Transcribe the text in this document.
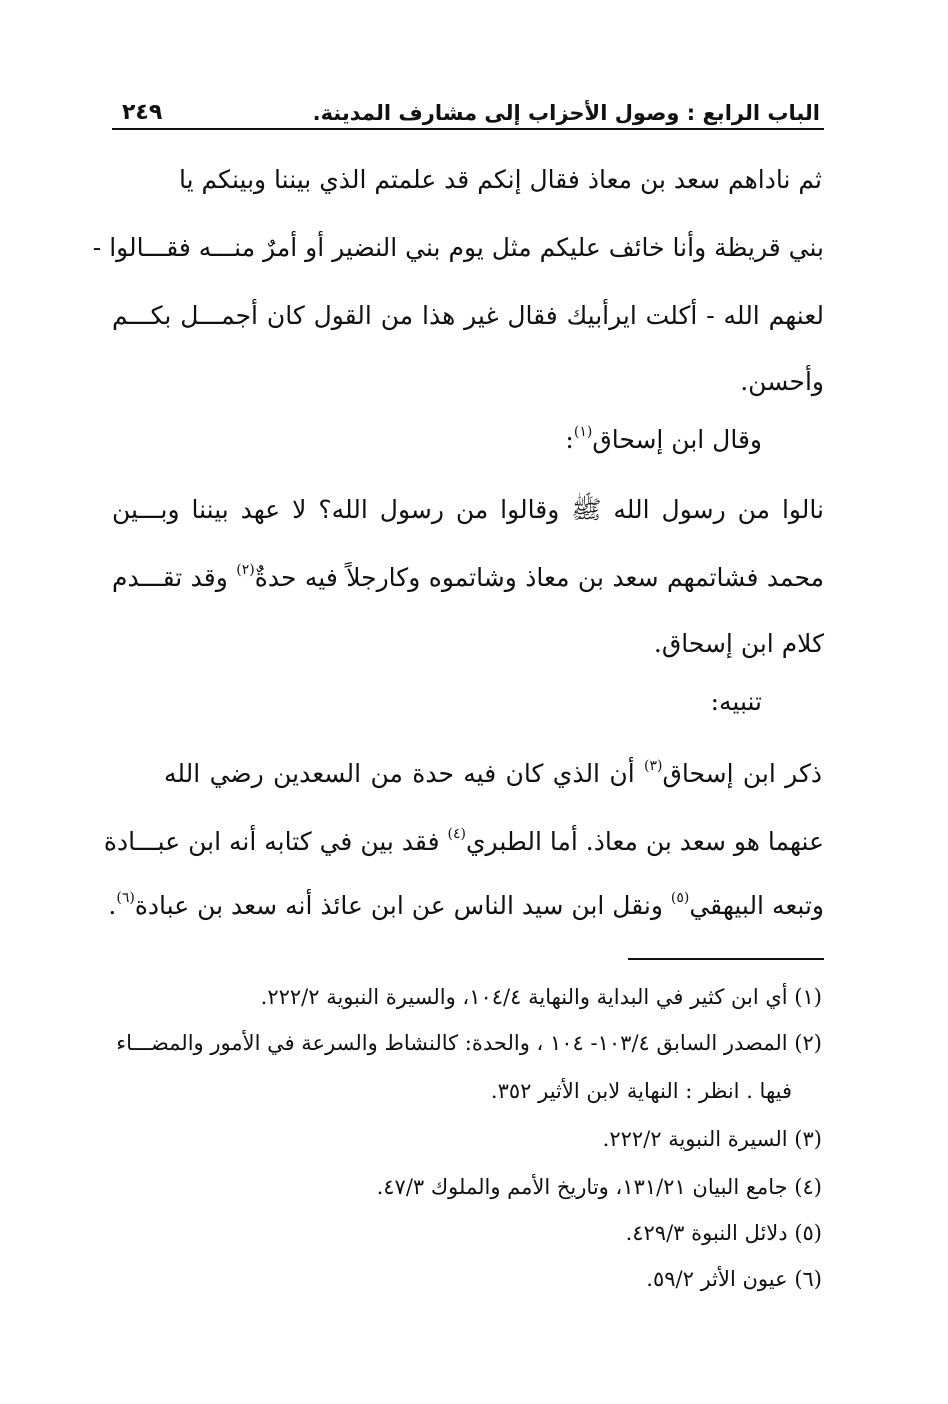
الباب الرابع : وصول الأحزاب إلى مشارف المدينة.
٢٤٩
ثم ناداهم سعد بن معاذ فقال إنكم قد علمتم الذي بيننا وبينكم يا
بني قريظة وأنا خائف عليكم مثل يوم بني النضير أو أمرٌ منـــه فقـــالوا -
لعنهم الله - أكلت ايرأبيك فقال غير هذا من القول كان أجمـــل بكـــم
وأحسن.
وقال ابن إسحاق$^{(١)}$:
نالوا من رسول الله ﷺ وقالوا من رسول الله؟ لا عهد بيننا وبـــين
محمد فشاتمهم سعد بن معاذ وشاتموه وكارجلاً فيه حدةٌ$^{(٢)}$ وقد تقـــدم
كلام ابن إسحاق.
تنبيه:
ذكر ابن إسحاق$^{(٣)}$ أن الذي كان فيه حدة من السعدين رضي الله
عنهما هو سعد بن معاذ. أما الطبري$^{(٤)}$ فقد بين في كتابه أنه ابن عبـــادة
وتبعه البيهقي$^{(٥)}$ ونقل ابن سيد الناس عن ابن عائذ أنه سعد بن عبادة$^{(٦)}$.
(١) أي ابن كثير في البداية والنهاية ١٠٤/٤، والسيرة النبوية ٢٢٢/٢.
(٢) المصدر السابق ١٠٣/٤- ١٠٤ ، والحدة: كالنشاط والسرعة في الأمور والمضـــاء
فيها . انظر : النهاية لابن الأثير ٣٥٢.
(٣) السيرة النبوية ٢٢٢/٢.
(٤) جامع البيان ١٣١/٢١، وتاريخ الأمم والملوك ٤٧/٣.
(٥) دلائل النبوة ٤٢٩/٣.
(٦) عيون الأثر ٥٩/٢.
